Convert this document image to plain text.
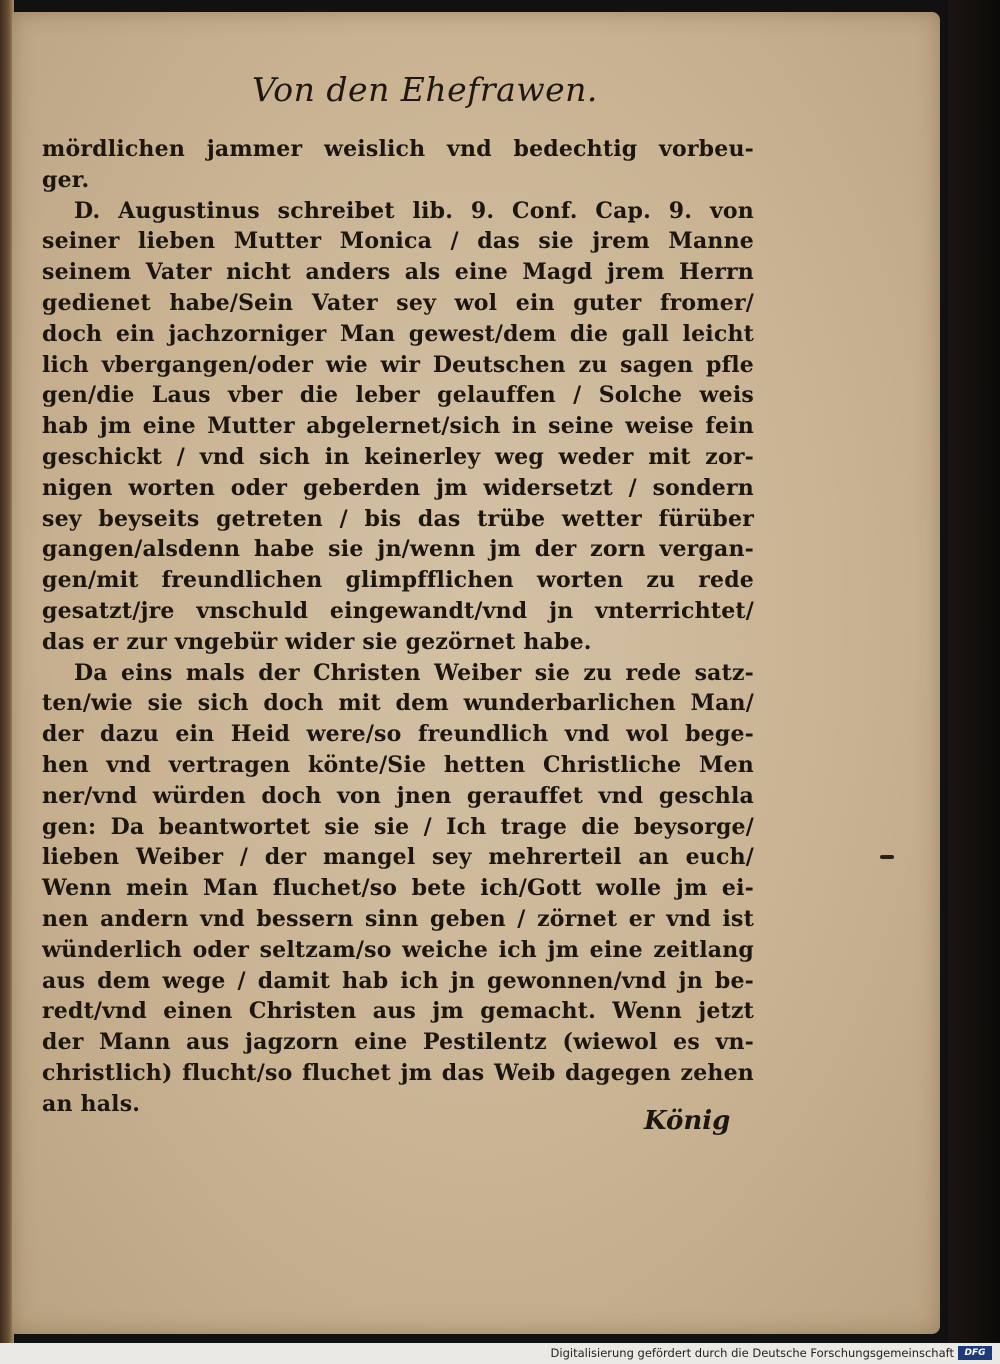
Von den Ehefrawen.
mördlichen jammer weislich vnd bedechtig vorbeu-
ger.
D. Augustinus schreibet lib. 9. Conf. Cap. 9. von
seiner lieben Mutter Monica / das sie jrem Manne
seinem Vater nicht anders als eine Magd jrem Herrn
gedienet habe/Sein Vater sey wol ein guter fromer/
doch ein jachzorniger Man gewest/dem die gall leicht
lich vbergangen/oder wie wir Deutschen zu sagen pfle
gen/die Laus vber die leber gelauffen / Solche weis
hab jm eine Mutter abgelernet/sich in seine weise fein
geschickt / vnd sich in keinerley weg weder mit zor-
nigen worten oder geberden jm widersetzt / sondern
sey beyseits getreten / bis das trübe wetter fürüber
gangen/alsdenn habe sie jn/wenn jm der zorn vergan-
gen/mit freundlichen glimpfflichen worten zu rede
gesatzt/jre vnschuld eingewandt/vnd jn vnterrichtet/
das er zur vngebür wider sie gezörnet habe.
Da eins mals der Christen Weiber sie zu rede satz-
ten/wie sie sich doch mit dem wunderbarlichen Man/
der dazu ein Heid were/so freundlich vnd wol bege-
hen vnd vertragen könte/Sie hetten Christliche Men
ner/vnd würden doch von jnen gerauffet vnd geschla
gen: Da beantwortet sie sie / Ich trage die beysorge/
lieben Weiber / der mangel sey mehrerteil an euch/
Wenn mein Man fluchet/so bete ich/Gott wolle jm ei-
nen andern vnd bessern sinn geben / zörnet er vnd ist
wünderlich oder seltzam/so weiche ich jm eine zeitlang
aus dem wege / damit hab ich jn gewonnen/vnd jn be-
redt/vnd einen Christen aus jm gemacht. Wenn jetzt
der Mann aus jagzorn eine Pestilentz (wiewol es vn-
christlich) flucht/so fluchet jm das Weib dagegen zehen
an hals.
König
Digitalisierung gefördert durch die Deutsche Forschungsgemeinschaft	DFG
